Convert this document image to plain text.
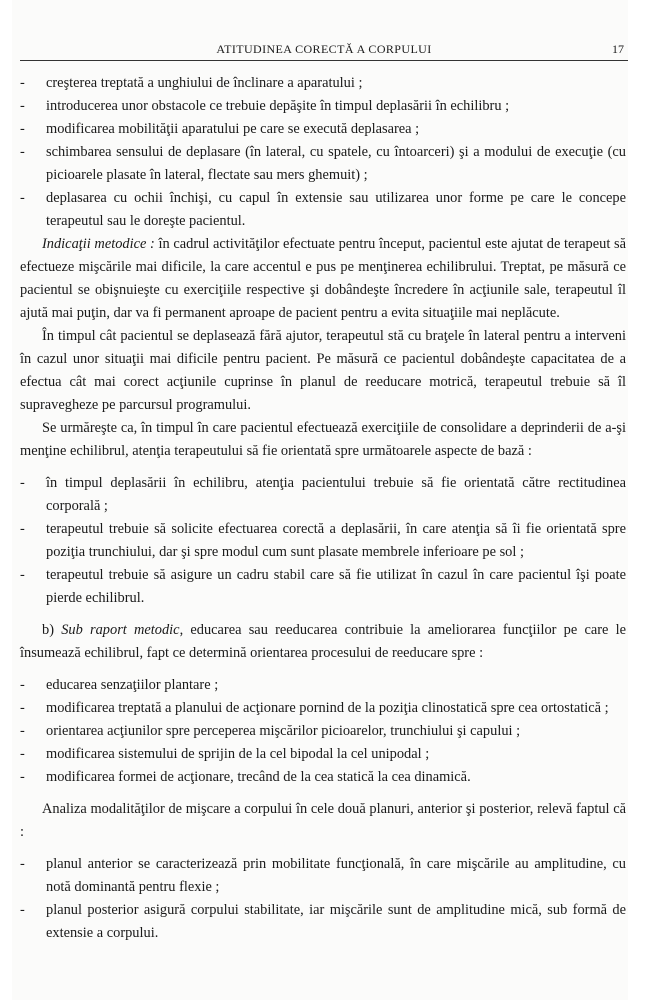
ATITUDINEA CORECTĂ A CORPULUI	17
- creşterea treptată a unghiului de înclinare a aparatului ;
- introducerea unor obstacole ce trebuie depăşite în timpul deplasării în echilibru ;
- modificarea mobilităţii aparatului pe care se execută deplasarea ;
- schimbarea sensului de deplasare (în lateral, cu spatele, cu întoarceri) şi a modului de execuţie (cu picioarele plasate în lateral, flectate sau mers ghemuit) ;
- deplasarea cu ochii închişi, cu capul în extensie sau utilizarea unor forme pe care le concepe terapeutul sau le doreşte pacientul.

Indicaţii metodice : în cadrul activităţilor efectuate pentru început, pacientul este ajutat de terapeut să efectueze mişcările mai dificile, la care accentul e pus pe menţinerea echilibrului. Treptat, pe măsură ce pacientul se obişnuieşte cu exerciţiile respective şi dobândeşte încredere în acţiunile sale, terapeutul îl ajută mai puţin, dar va fi permanent aproape de pacient pentru a evita situaţiile mai neplăcute.

În timpul cât pacientul se deplasează fără ajutor, terapeutul stă cu braţele în lateral pentru a interveni în cazul unor situaţii mai dificile pentru pacient. Pe măsură ce pacientul dobândeşte capacitatea de a efectua cât mai corect acţiunile cuprinse în planul de reeducare motrică, terapeutul trebuie să îl supravegheze pe parcursul programului.

Se urmăreşte ca, în timpul în care pacientul efectuează exerciţiile de consolidare a deprinderii de a-şi menţine echilibrul, atenţia terapeutului să fie orientată spre următoarele aspecte de bază :

- în timpul deplasării în echilibru, atenţia pacientului trebuie să fie orientată către rectitudinea corporală ;
- terapeutul trebuie să solicite efectuarea corectă a deplasării, în care atenţia să îi fie orientată spre poziţia trunchiului, dar şi spre modul cum sunt plasate membrele inferioare pe sol ;
- terapeutul trebuie să asigure un cadru stabil care să fie utilizat în cazul în care pacientul îşi poate pierde echilibrul.

b) Sub raport metodic, educarea sau reeducarea contribuie la ameliorarea funcţiilor pe care le însumează echilibrul, fapt ce determină orientarea procesului de reeducare spre :

- educarea senzaţiilor plantare ;
- modificarea treptată a planului de acţionare pornind de la poziţia clinostatică spre cea ortostatică ;
- orientarea acţiunilor spre perceperea mişcărilor picioarelor, trunchiului şi capului ;
- modificarea sistemului de sprijin de la cel bipodal la cel unipodal ;
- modificarea formei de acţionare, trecând de la cea statică la cea dinamică.

Analiza modalităţilor de mişcare a corpului în cele două planuri, anterior şi posterior, relevă faptul că :

- planul anterior se caracterizează prin mobilitate funcţională, în care mişcările au amplitudine, cu notă dominantă pentru flexie ;
- planul posterior asigură corpului stabilitate, iar mişcările sunt de amplitudine mică, sub formă de extensie a corpului.
